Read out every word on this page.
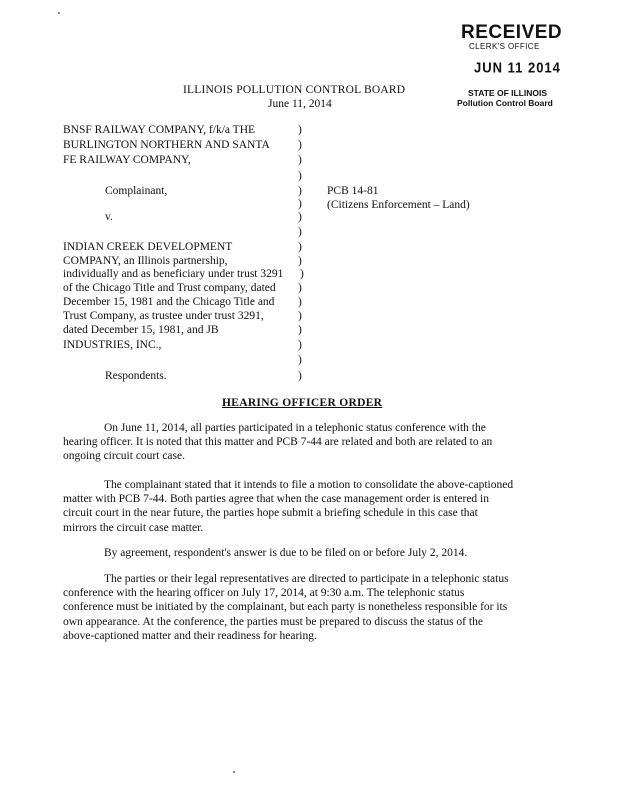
RECEIVED
CLERK'S OFFICE
JUN 11 2014
STATE OF ILLINOIS
Pollution Control Board
ILLINOIS POLLUTION CONTROL BOARD
June 11, 2014
BNSF RAILWAY COMPANY, f/k/a THE
BURLINGTON NORTHERN AND SANTA
FE RAILWAY COMPANY,
Complainant,
v.
INDIAN CREEK DEVELOPMENT
COMPANY, an Illinois partnership,
individually and as beneficiary under trust 3291
of the Chicago Title and Trust company, dated
December 15, 1981 and the Chicago Title and
Trust Company, as trustee under trust 3291,
dated December 15, 1981, and JB
INDUSTRIES, INC.,
Respondents.
)
)
)
)
)
)
)
)
)
)
)
)
)
)
)
)
)
)
PCB 14-81
(Citizens Enforcement – Land)
HEARING OFFICER ORDER
On June 11, 2014, all parties participated in a telephonic status conference with the
hearing officer. It is noted that this matter and PCB 7-44 are related and both are related to an
ongoing circuit court case.
The complainant stated that it intends to file a motion to consolidate the above-captioned
matter with PCB 7-44. Both parties agree that when the case management order is entered in
circuit court in the near future, the parties hope submit a briefing schedule in this case that
mirrors the circuit case matter.
By agreement, respondent's answer is due to be filed on or before July 2, 2014.
The parties or their legal representatives are directed to participate in a telephonic status
conference with the hearing officer on July 17, 2014, at 9:30 a.m. The telephonic status
conference must be initiated by the complainant, but each party is nonetheless responsible for its
own appearance. At the conference, the parties must be prepared to discuss the status of the
above-captioned matter and their readiness for hearing.
